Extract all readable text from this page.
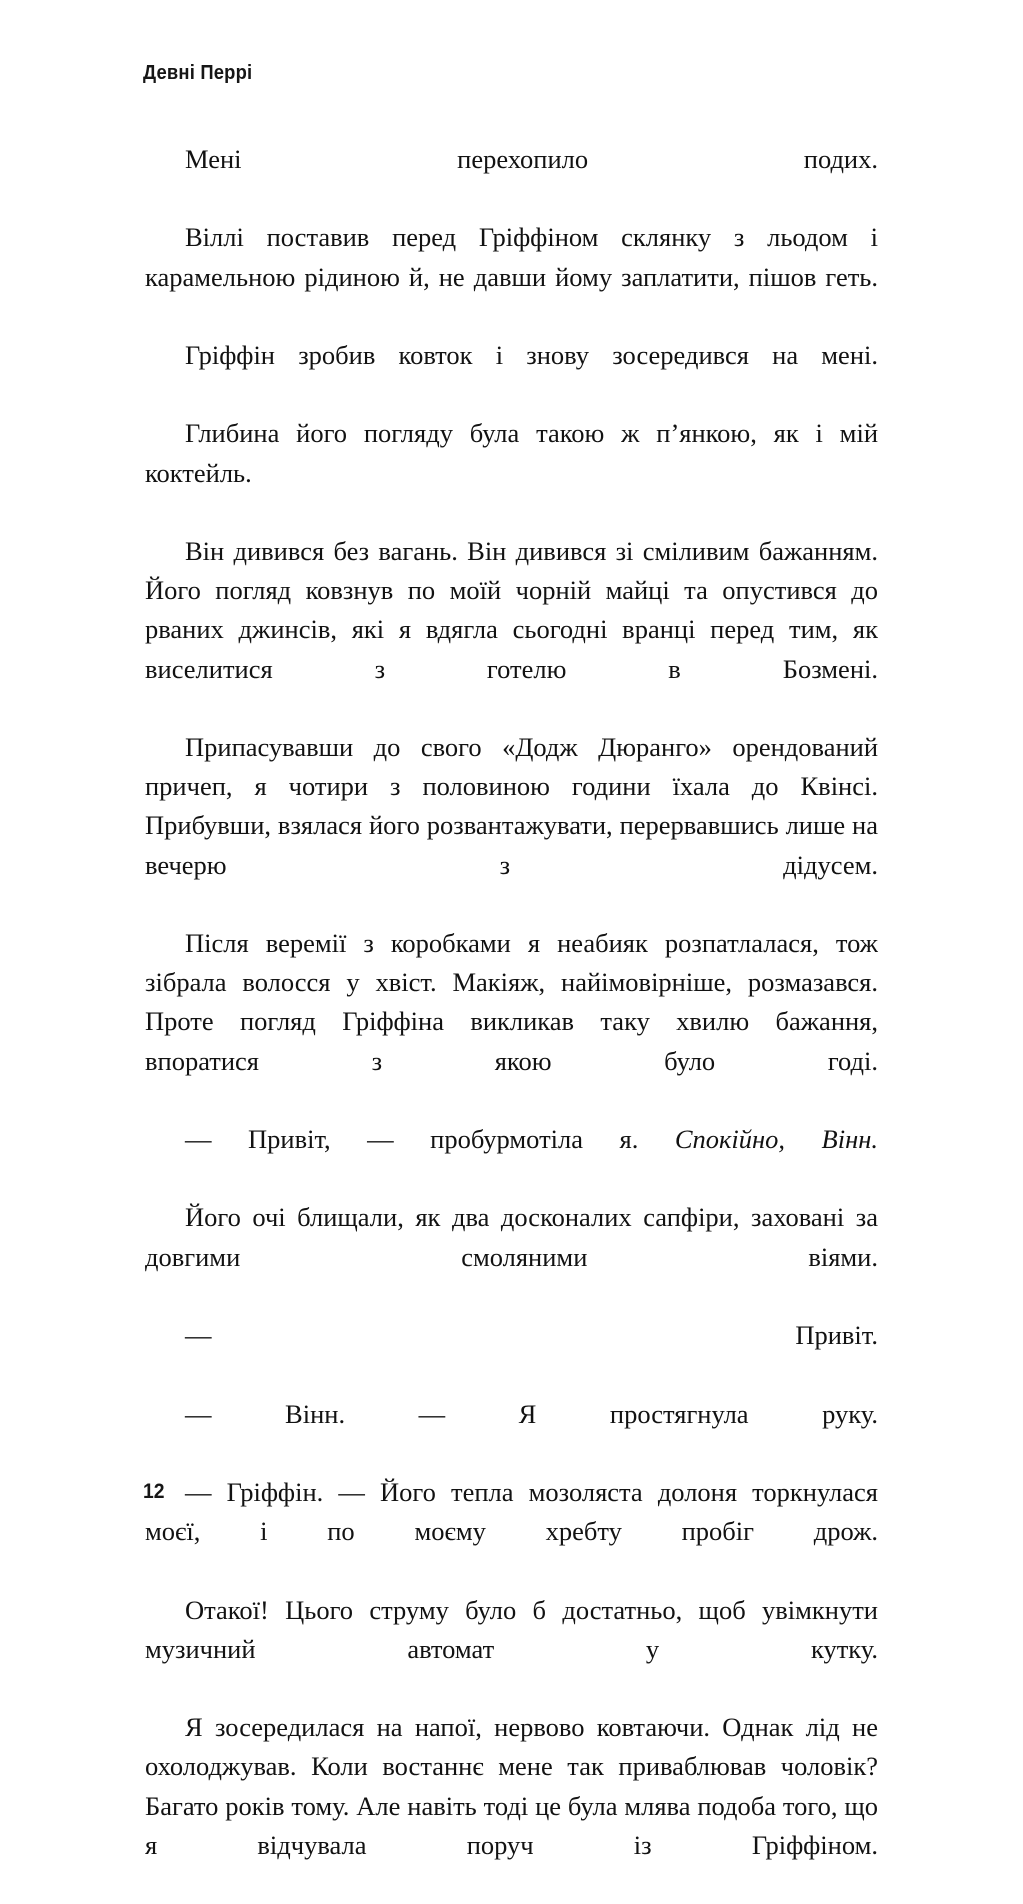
Девні Перрі

Мені перехопило подих.

Віллі поставив перед Гріффіном склянку з льодом і карамельною рідиною й, не давши йому заплатити, пішов геть.

Гріффін зробив ковток і знову зосередився на мені.

Глибина його погляду була такою ж п’янкою, як і мій коктейль.

Він дивився без вагань. Він дивився зі сміливим бажанням. Його погляд ковзнув по моїй чорній майці та опустився до рваних джинсів, які я вдягла сьогодні вранці перед тим, як виселитися з готелю в Бозмені.

Припасувавши до свого «Додж Дюранго» орендований причеп, я чотири з половиною години їхала до Квінсі. Прибувши, взялася його розвантажувати, перервавшись лише на вечерю з дідусем.

Після веремії з коробками я неабияк розпатлалася, тож зібрала волосся у хвіст. Макіяж, найімовірніше, розмазався. Проте погляд Гріффіна викликав таку хвилю бажання, впоратися з якою було годі.

— Привіт, — пробурмотіла я. Спокійно, Вінн.

Його очі блищали, як два досконалих сапфіри, заховані за довгими смоляними віями.

— Привіт.

— Вінн. — Я простягнула руку.

— Гріффін. — Його тепла мозоляста долоня торкнулася моєї, і по моєму хребту пробіг дрож.

Отакої! Цього струму було б достатньо, щоб увімкнути музичний автомат у кутку.

Я зосередилася на напої, нервово ковтаючи. Однак лід не охолоджував. Коли востаннє мене так приваблював чоловік? Багато років тому. Але навіть тоді це була млява подоба того, що я відчувала поруч із Гріффіном.

12
